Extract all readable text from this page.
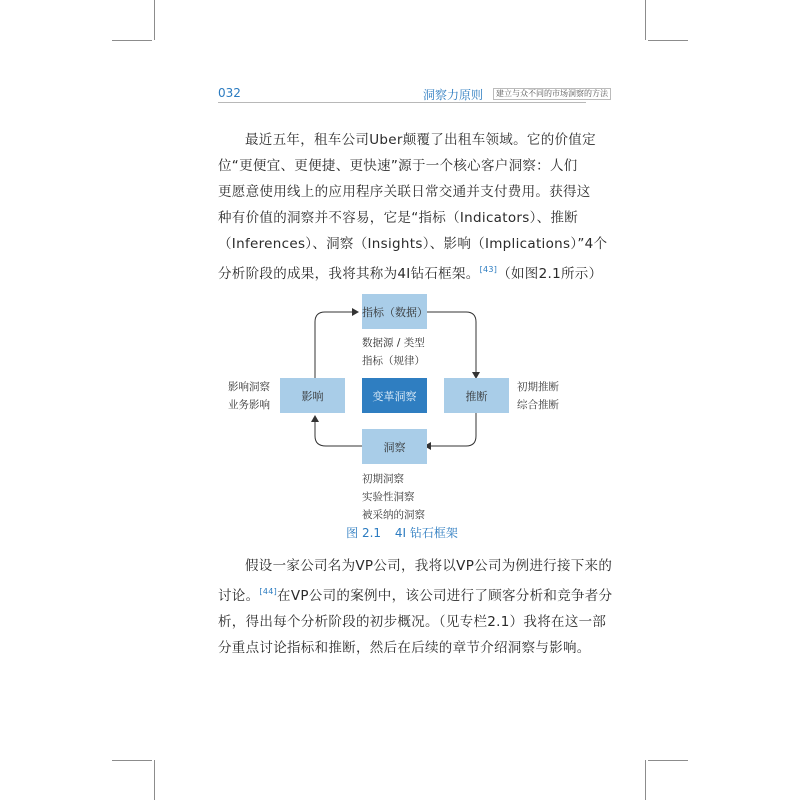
032	洞察力原则	建立与众不同的市场洞察的方法
最近五年，租车公司Uber颠覆了出租车领域。它的价值定
位“更便宜、更便捷、更快速”源于一个核心客户洞察：人们
更愿意使用线上的应用程序关联日常交通并支付费用。获得这
种有价值的洞察并不容易，它是“指标（Indicators）、推断
（Inferences）、洞察（Insights）、影响（Implications）”4个
分析阶段的成果，我将其称为4I钻石框架。[43]（如图2.1所示）
指标（数据）
推断
影响	变革洞察
洞察
数据源 / 类型
指标（规律）
初期推断
综合推断
影响洞察
业务影响
初期洞察
实验性洞察
被采纳的洞察
图 2.1 4I 钻石框架
假设一家公司名为VP公司，我将以VP公司为例进行接下来的
讨论。[44]在VP公司的案例中，该公司进行了顾客分析和竞争者分
析，得出每个分析阶段的初步概况。（见专栏2.1）我将在这一部
分重点讨论指标和推断，然后在后续的章节介绍洞察与影响。
